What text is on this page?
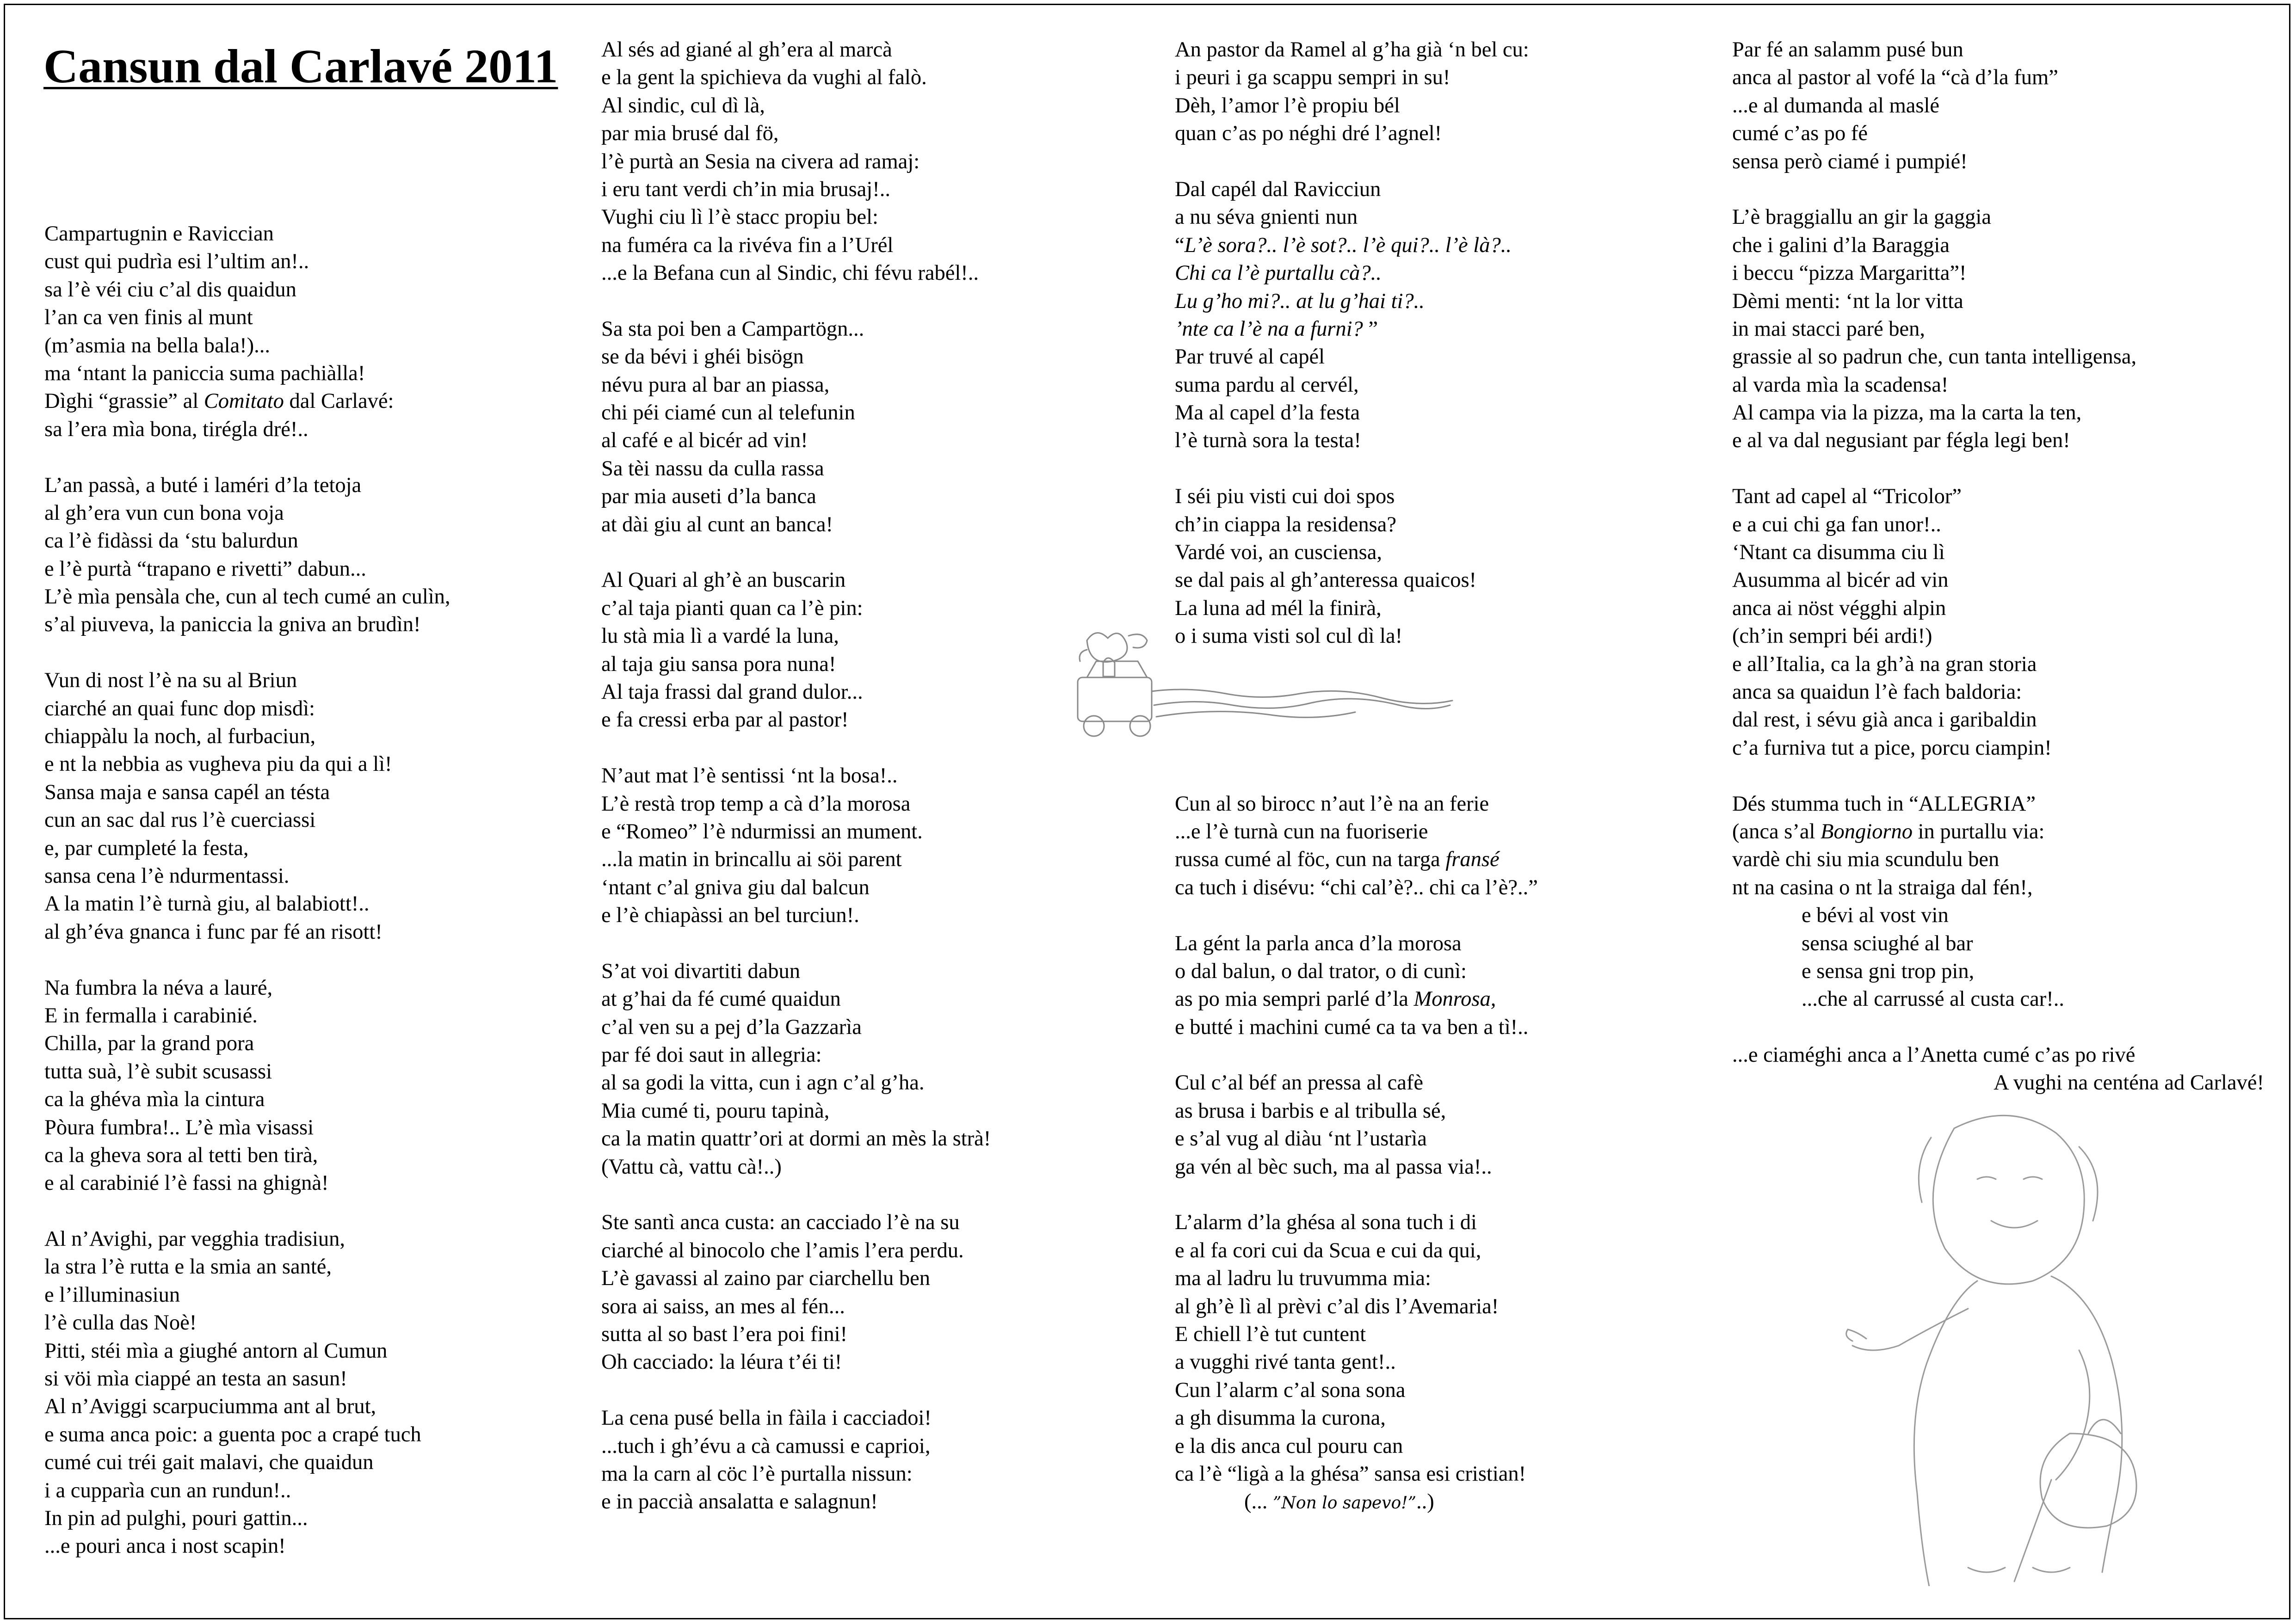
Cansun dal Carlavé 2011
Campartugnin e Raviccian
cust qui pudrìa esi l’ultim an!..
sa l’è véi ciu c’al dis quaidun
l’an ca ven finis al munt
(m’asmia na bella bala!)...
ma ‘ntant la paniccia suma pachiàlla!
Dìghi “grassie” al Comitato dal Carlavé:
sa l’era mìa bona, tirégla dré!..
L’an passà, a buté i laméri d’la tetoja
al gh’era vun cun bona voja
ca l’è fidàssi da ‘stu balurdun
e l’è purtà “trapano e rivetti” dabun...
L’è mìa pensàla che, cun al tech cumé an culìn,
s’al piuveva, la paniccia la gniva an brudìn!
Vun di nost l’è na su al Briun
ciarché an quai func dop misdì:
chiappàlu la noch, al furbaciun,
e nt la nebbia as vugheva piu da qui a lì!
Sansa maja e sansa capél an tésta
cun an sac dal rus l’è cuerciassi
e, par cumpleté la festa,
sansa cena l’è ndurmentassi.
A la matin l’è turnà giu, al balabiott!..
al gh’éva gnanca i func par fé an risott!
Na fumbra la néva a lauré,
E in fermalla i carabinié.
Chilla, par la grand pora
tutta suà, l’è subit scusassi
ca la ghéva mìa la cintura
Pòura fumbra!.. L’è mìa visassi
ca la gheva sora al tetti ben tirà,
e al carabinié l’è fassi na ghignà!
Al n’Avighi, par vegghia tradisiun,
la stra l’è rutta e la smia an santé,
e l’illuminasiun
l’è culla das Noè!
Pitti, stéi mìa a giughé antorn al Cumun
si vöi mìa ciappé an testa an sasun!
Al n’Aviggi scarpuciumma ant al brut,
e suma anca poic: a guenta poc a crapé tuch
cumé cui tréi gait malavi, che quaidun
i a cupparìa cun an rundun!..
In pin ad pulghi, pouri gattin...
...e pouri anca i nost scapin!
Al sés ad giané al gh’era al marcà
e la gent la spichieva da vughi al falò.
Al sindic, cul dì là,
par mia brusé dal fö,
l’è purtà an Sesia na civera ad ramaj:
i eru tant verdi ch’in mia brusaj!..
Vughi ciu lì l’è stacc propiu bel:
na fuméra ca la rivéva fin a l’Urél
...e la Befana cun al Sindic, chi févu rabél!..
Sa sta poi ben a Campartögn...
se da bévi i ghéi bisögn
névu pura al bar an piassa,
chi péi ciamé cun al telefunin
al café e al bicér ad vin!
Sa tèi nassu da culla rassa
par mia auseti d’la banca
at dài giu al cunt an banca!
Al Quari al gh’è an buscarin
c’al taja pianti quan ca l’è pin:
lu stà mia lì a vardé la luna,
al taja giu sansa pora nuna!
Al taja frassi dal grand dulor...
e fa cressi erba par al pastor!
N’aut mat l’è sentissi ‘nt la bosa!..
L’è restà trop temp a cà d’la morosa
e “Romeo” l’è ndurmissi an mument.
...la matin in brincallu ai söi parent
‘ntant c’al gniva giu dal balcun
e l’è chiapàssi an bel turciun!.
S’at voi divartiti dabun
at g’hai da fé cumé quaidun
c’al ven su a pej d’la Gazzarìa
par fé doi saut in allegria:
al sa godi la vitta, cun i agn c’al g’ha.
Mia cumé ti, pouru tapinà,
ca la matin quattr’ori at dormi an mès la strà!
(Vattu cà, vattu cà!..)
Ste santì anca custa: an cacciado l’è na su
ciarché al binocolo che l’amis l’era perdu.
L’è gavassi al zaino par ciarchellu ben
sora ai saiss, an mes al fén...
sutta al so bast l’era poi fini!
Oh cacciado: la léura t’éi ti!
La cena pusé bella in fàila i cacciadoi!
...tuch i gh’évu a cà camussi e caprioi,
ma la carn al cöc l’è purtalla nissun:
e in paccià ansalatta e salagnun!
An pastor da Ramel al g’ha già ‘n bel cu:
i peuri i ga scappu sempri in su!
Dèh, l’amor l’è propiu bél
quan c’as po néghi dré l’agnel!
Dal capél dal Ravicciun
a nu séva gnienti nun
“L’è sora?.. l’è sot?.. l’è qui?.. l’è là?..
Chi ca l’è purtallu cà?..
Lu g’ho mi?.. at lu g’hai ti?..
’nte ca l’è na a furni? ”
Par truvé al capél
suma pardu al cervél,
Ma al capel d’la festa
l’è turnà sora la testa!
I séi piu visti cui doi spos
ch’in ciappa la residensa?
Vardé voi, an cusciensa,
se dal pais al gh’anteressa quaicos!
La luna ad mél la finirà,
o i suma visti sol cul dì la!
Cun al so birocc n’aut l’è na an ferie
...e l’è turnà cun na fuoriserie
russa cumé al föc, cun na targa fransé
ca tuch i disévu: “chi cal’è?.. chi ca l’è?..”
La gént la parla anca d’la morosa
o dal balun, o dal trator, o di cunì:
as po mia sempri parlé d’la Monrosa,
e butté i machini cumé ca ta va ben a tì!..
Cul c’al béf an pressa al cafè
as brusa i barbis e al tribulla sé,
e s’al vug al diàu ‘nt l’ustarìa
ga vén al bèc such, ma al passa via!..
L’alarm d’la ghésa al sona tuch i di
e al fa cori cui da Scua e cui da qui,
ma al ladru lu truvumma mia:
al gh’è lì al prèvi c’al dis l’Avemaria!
E chiell l’è tut cuntent
a vugghi rivé tanta gent!..
Cun l’alarm c’al sona sona
a gh disumma la curona,
e la dis anca cul pouru can
ca l’è “ligà a la ghésa” sansa esi cristian!
(... ”Non lo sapevo!”..)
Par fé an salamm pusé bun
anca al pastor al vofé la “cà d’la fum”
...e al dumanda al maslé
cumé c’as po fé
sensa però ciamé i pumpié!
L’è braggiallu an gir la gaggia
che i galini d’la Baraggia
i beccu “pizza Margaritta”!
Dèmi menti: ‘nt la lor vitta
in mai stacci paré ben,
grassie al so padrun che, cun tanta intelligensa,
al varda mìa la scadensa!
Al campa via la pizza, ma la carta la ten,
e al va dal negusiant par fégla legi ben!
Tant ad capel al “Tricolor”
e a cui chi ga fan unor!..
‘Ntant ca disumma ciu lì
Ausumma al bicér ad vin
anca ai nöst végghi alpin
(ch’in sempri béi ardi!)
e all’Italia, ca la gh’à na gran storia
anca sa quaidun l’è fach baldoria:
dal rest, i sévu già anca i garibaldin
c’a furniva tut a pice, porcu ciampin!
Dés stumma tuch in “ALLEGRIA”
(anca s’al Bongiorno in purtallu via:
vardè chi siu mia scundulu ben
nt na casina o nt la straiga dal fén!,
e bévi al vost vin
sensa sciughé al bar
e sensa gni trop pin,
...che al carrussé al custa car!..
...e ciaméghi anca a l’Anetta cumé c’as po rivé
A vughi na centéna ad Carlavé!
